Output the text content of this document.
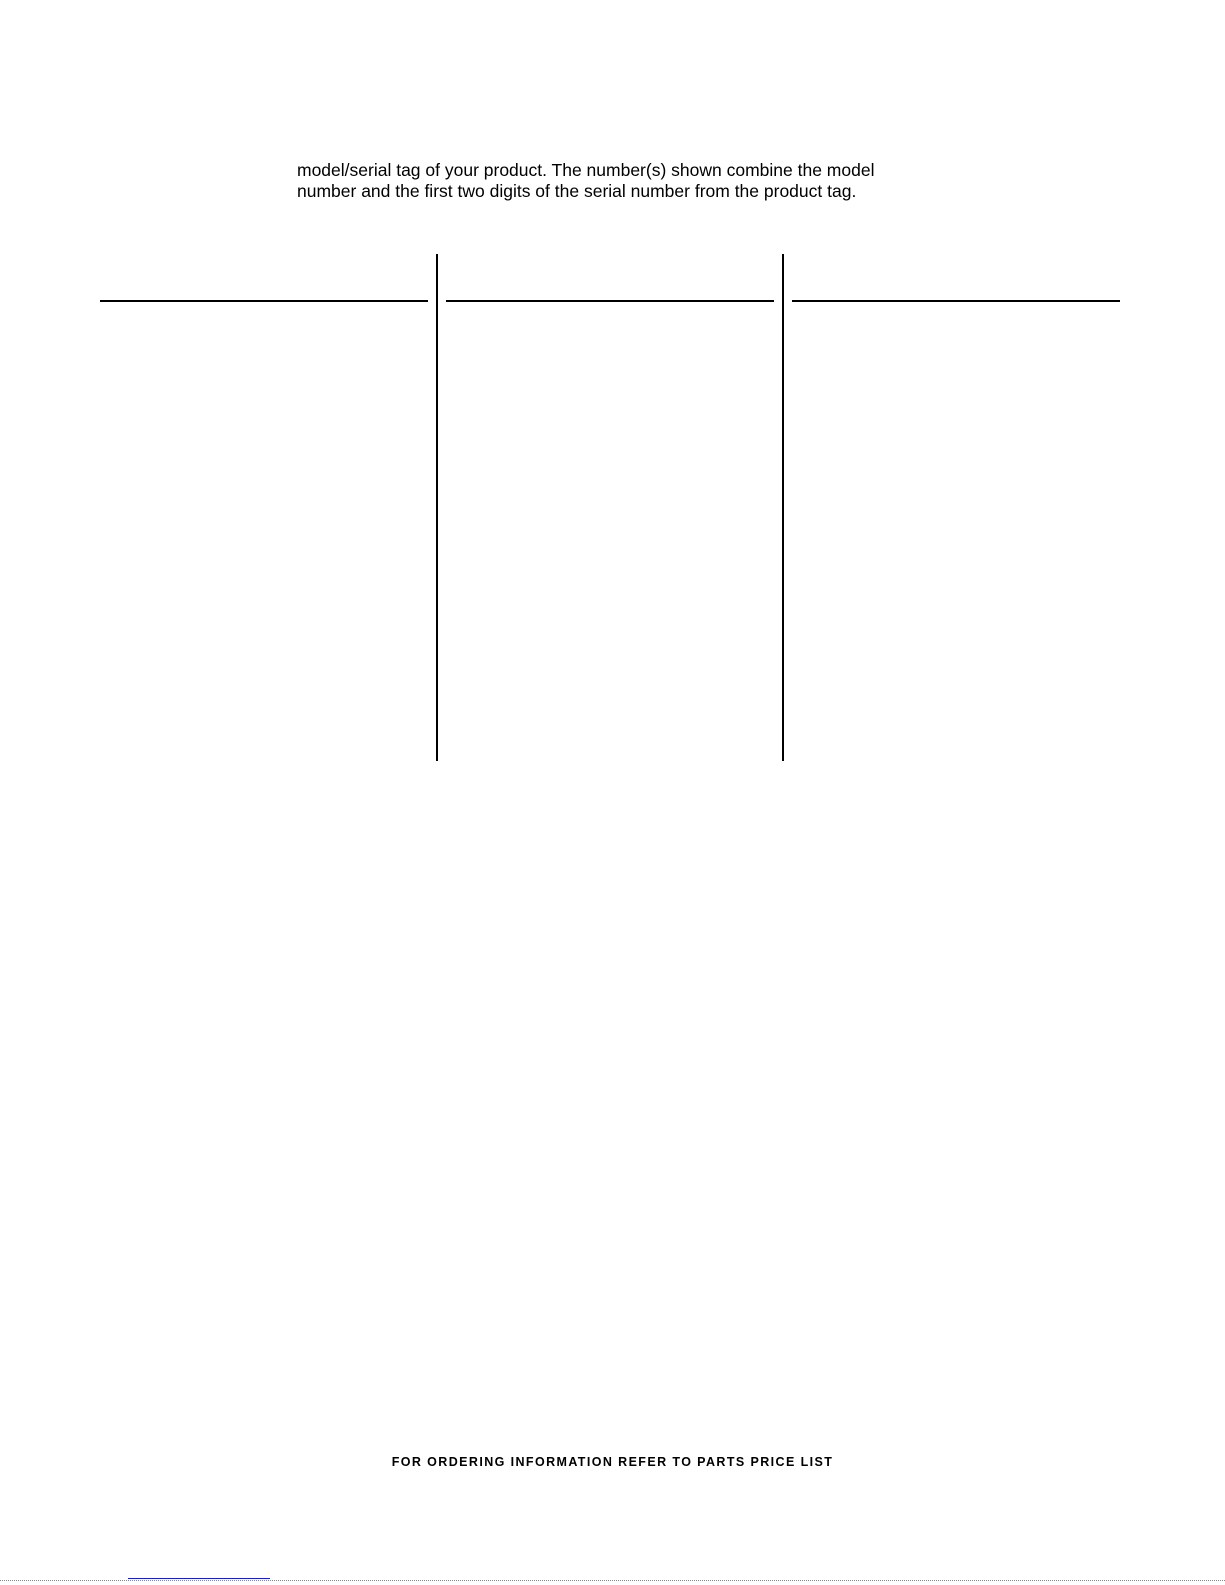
model/serial tag of your product. The number(s) shown combine the model
number and the first two digits of the serial number from the product tag.

FOR ORDERING INFORMATION REFER TO PARTS PRICE LIST
